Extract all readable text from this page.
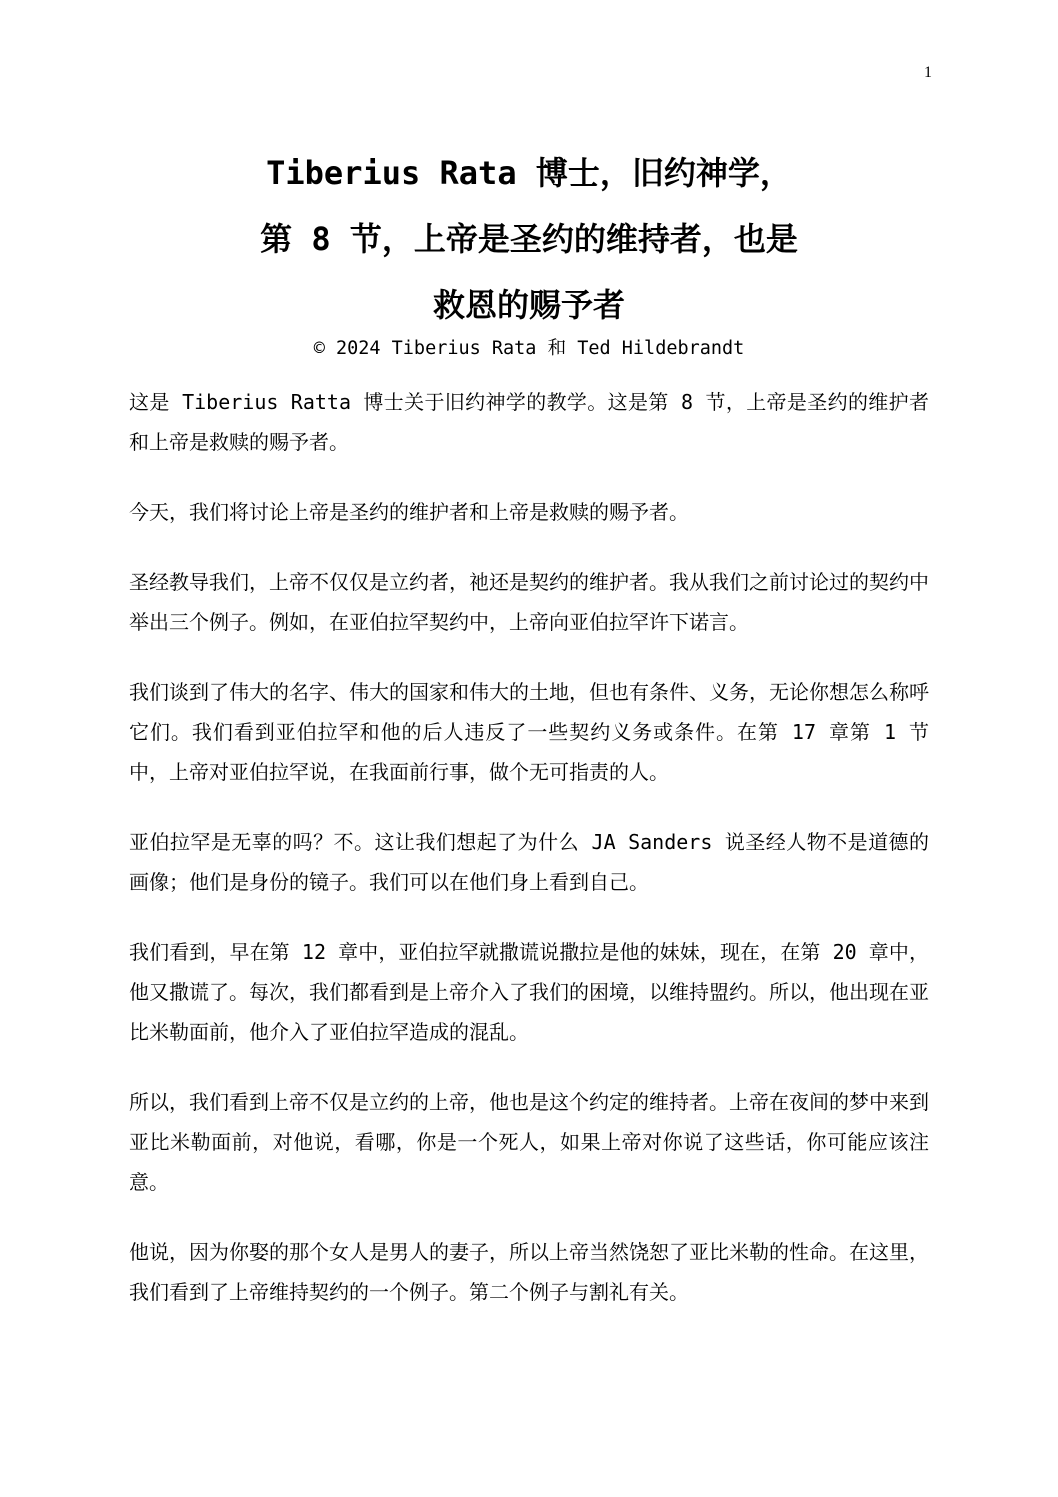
1
Tiberius Rata 博士，旧约神学，
第 8 节，上帝是圣约的维持者，也是
救恩的赐予者
© 2024 Tiberius Rata 和 Ted Hildebrandt

这是 Tiberius Ratta 博士关于旧约神学的教学。这是第 8 节，上帝是圣约的维护者和上帝是救赎的赐予者。

今天，我们将讨论上帝是圣约的维护者和上帝是救赎的赐予者。

圣经教导我们，上帝不仅仅是立约者，祂还是契约的维护者。我从我们之前讨论过的契约中举出三个例子。例如，在亚伯拉罕契约中，上帝向亚伯拉罕许下诺言。

我们谈到了伟大的名字、伟大的国家和伟大的土地，但也有条件、义务，无论你想怎么称呼它们。我们看到亚伯拉罕和他的后人违反了一些契约义务或条件。在第 17 章第 1 节中，上帝对亚伯拉罕说，在我面前行事，做个无可指责的人。

亚伯拉罕是无辜的吗？不。这让我们想起了为什么 JA Sanders 说圣经人物不是道德的画像；他们是身份的镜子。我们可以在他们身上看到自己。

我们看到，早在第 12 章中，亚伯拉罕就撒谎说撒拉是他的妹妹，现在，在第 20 章中，他又撒谎了。每次，我们都看到是上帝介入了我们的困境，以维持盟约。所以，他出现在亚比米勒面前，他介入了亚伯拉罕造成的混乱。

所以，我们看到上帝不仅是立约的上帝，他也是这个约定的维持者。上帝在夜间的梦中来到亚比米勒面前，对他说，看哪，你是一个死人，如果上帝对你说了这些话，你可能应该注意。

他说，因为你娶的那个女人是男人的妻子，所以上帝当然饶恕了亚比米勒的性命。在这里，我们看到了上帝维持契约的一个例子。第二个例子与割礼有关。
